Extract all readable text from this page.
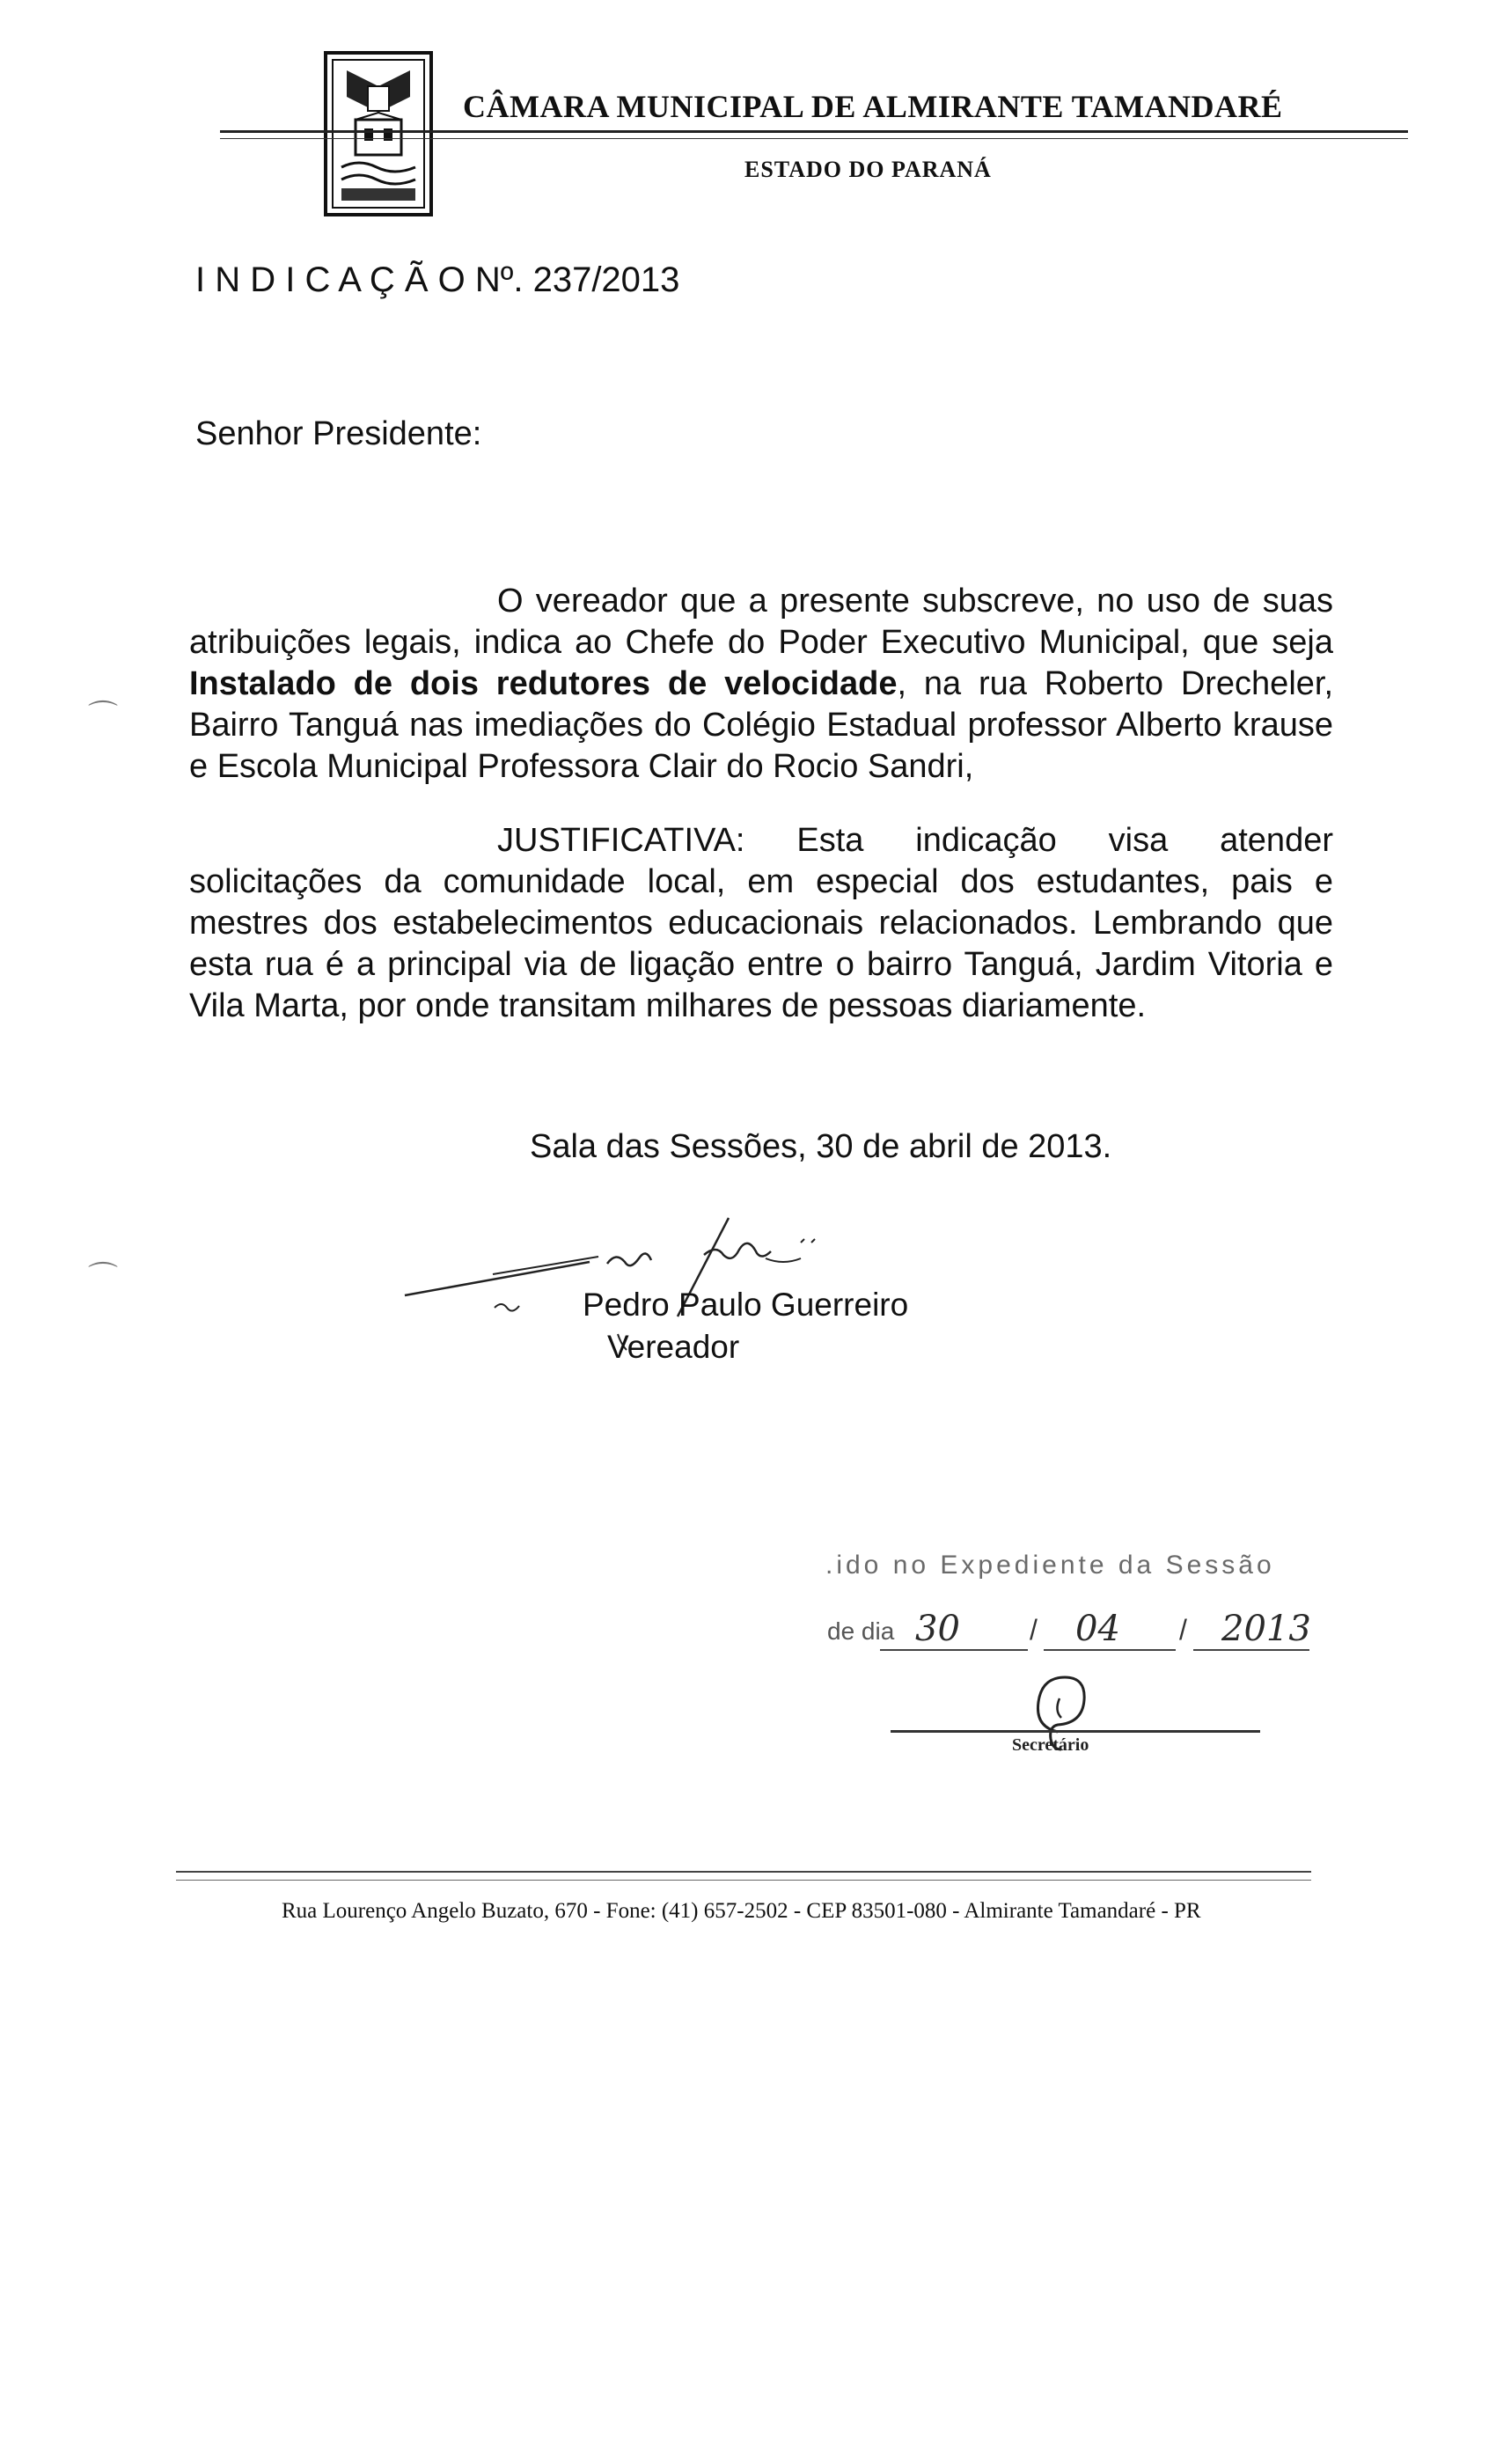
CÂMARA MUNICIPAL DE ALMIRANTE TAMANDARÉ
ESTADO DO PARANÁ
I N D I C A Ç Ã O Nº. 237/2013
Senhor Presidente:
O vereador que a presente subscreve, no uso de suas atribuições legais, indica ao Chefe do Poder Executivo Municipal, que seja Instalado de dois redutores de velocidade, na rua Roberto Drecheler, Bairro Tanguá nas imediações do Colégio Estadual professor Alberto krause e Escola Municipal Professora Clair do Rocio Sandri,
JUSTIFICATIVA: Esta indicação visa atender solicitações da comunidade local, em especial dos estudantes, pais e mestres dos estabelecimentos educacionais relacionados. Lembrando que esta rua é a principal via de ligação entre o bairro Tanguá, Jardim Vitoria e Vila Marta, por onde transitam milhares de pessoas diariamente.
Sala das Sessões, 30 de abril de 2013.
Pedro Paulo Guerreiro
Vereador
.ido no Expediente da Sessão
de dia 30 / 04 / 2013
Secretário
⌒
⌒
Rua Lourenço Angelo Buzato, 670 - Fone: (41) 657-2502 - CEP 83501-080 - Almirante Tamandaré - PR
